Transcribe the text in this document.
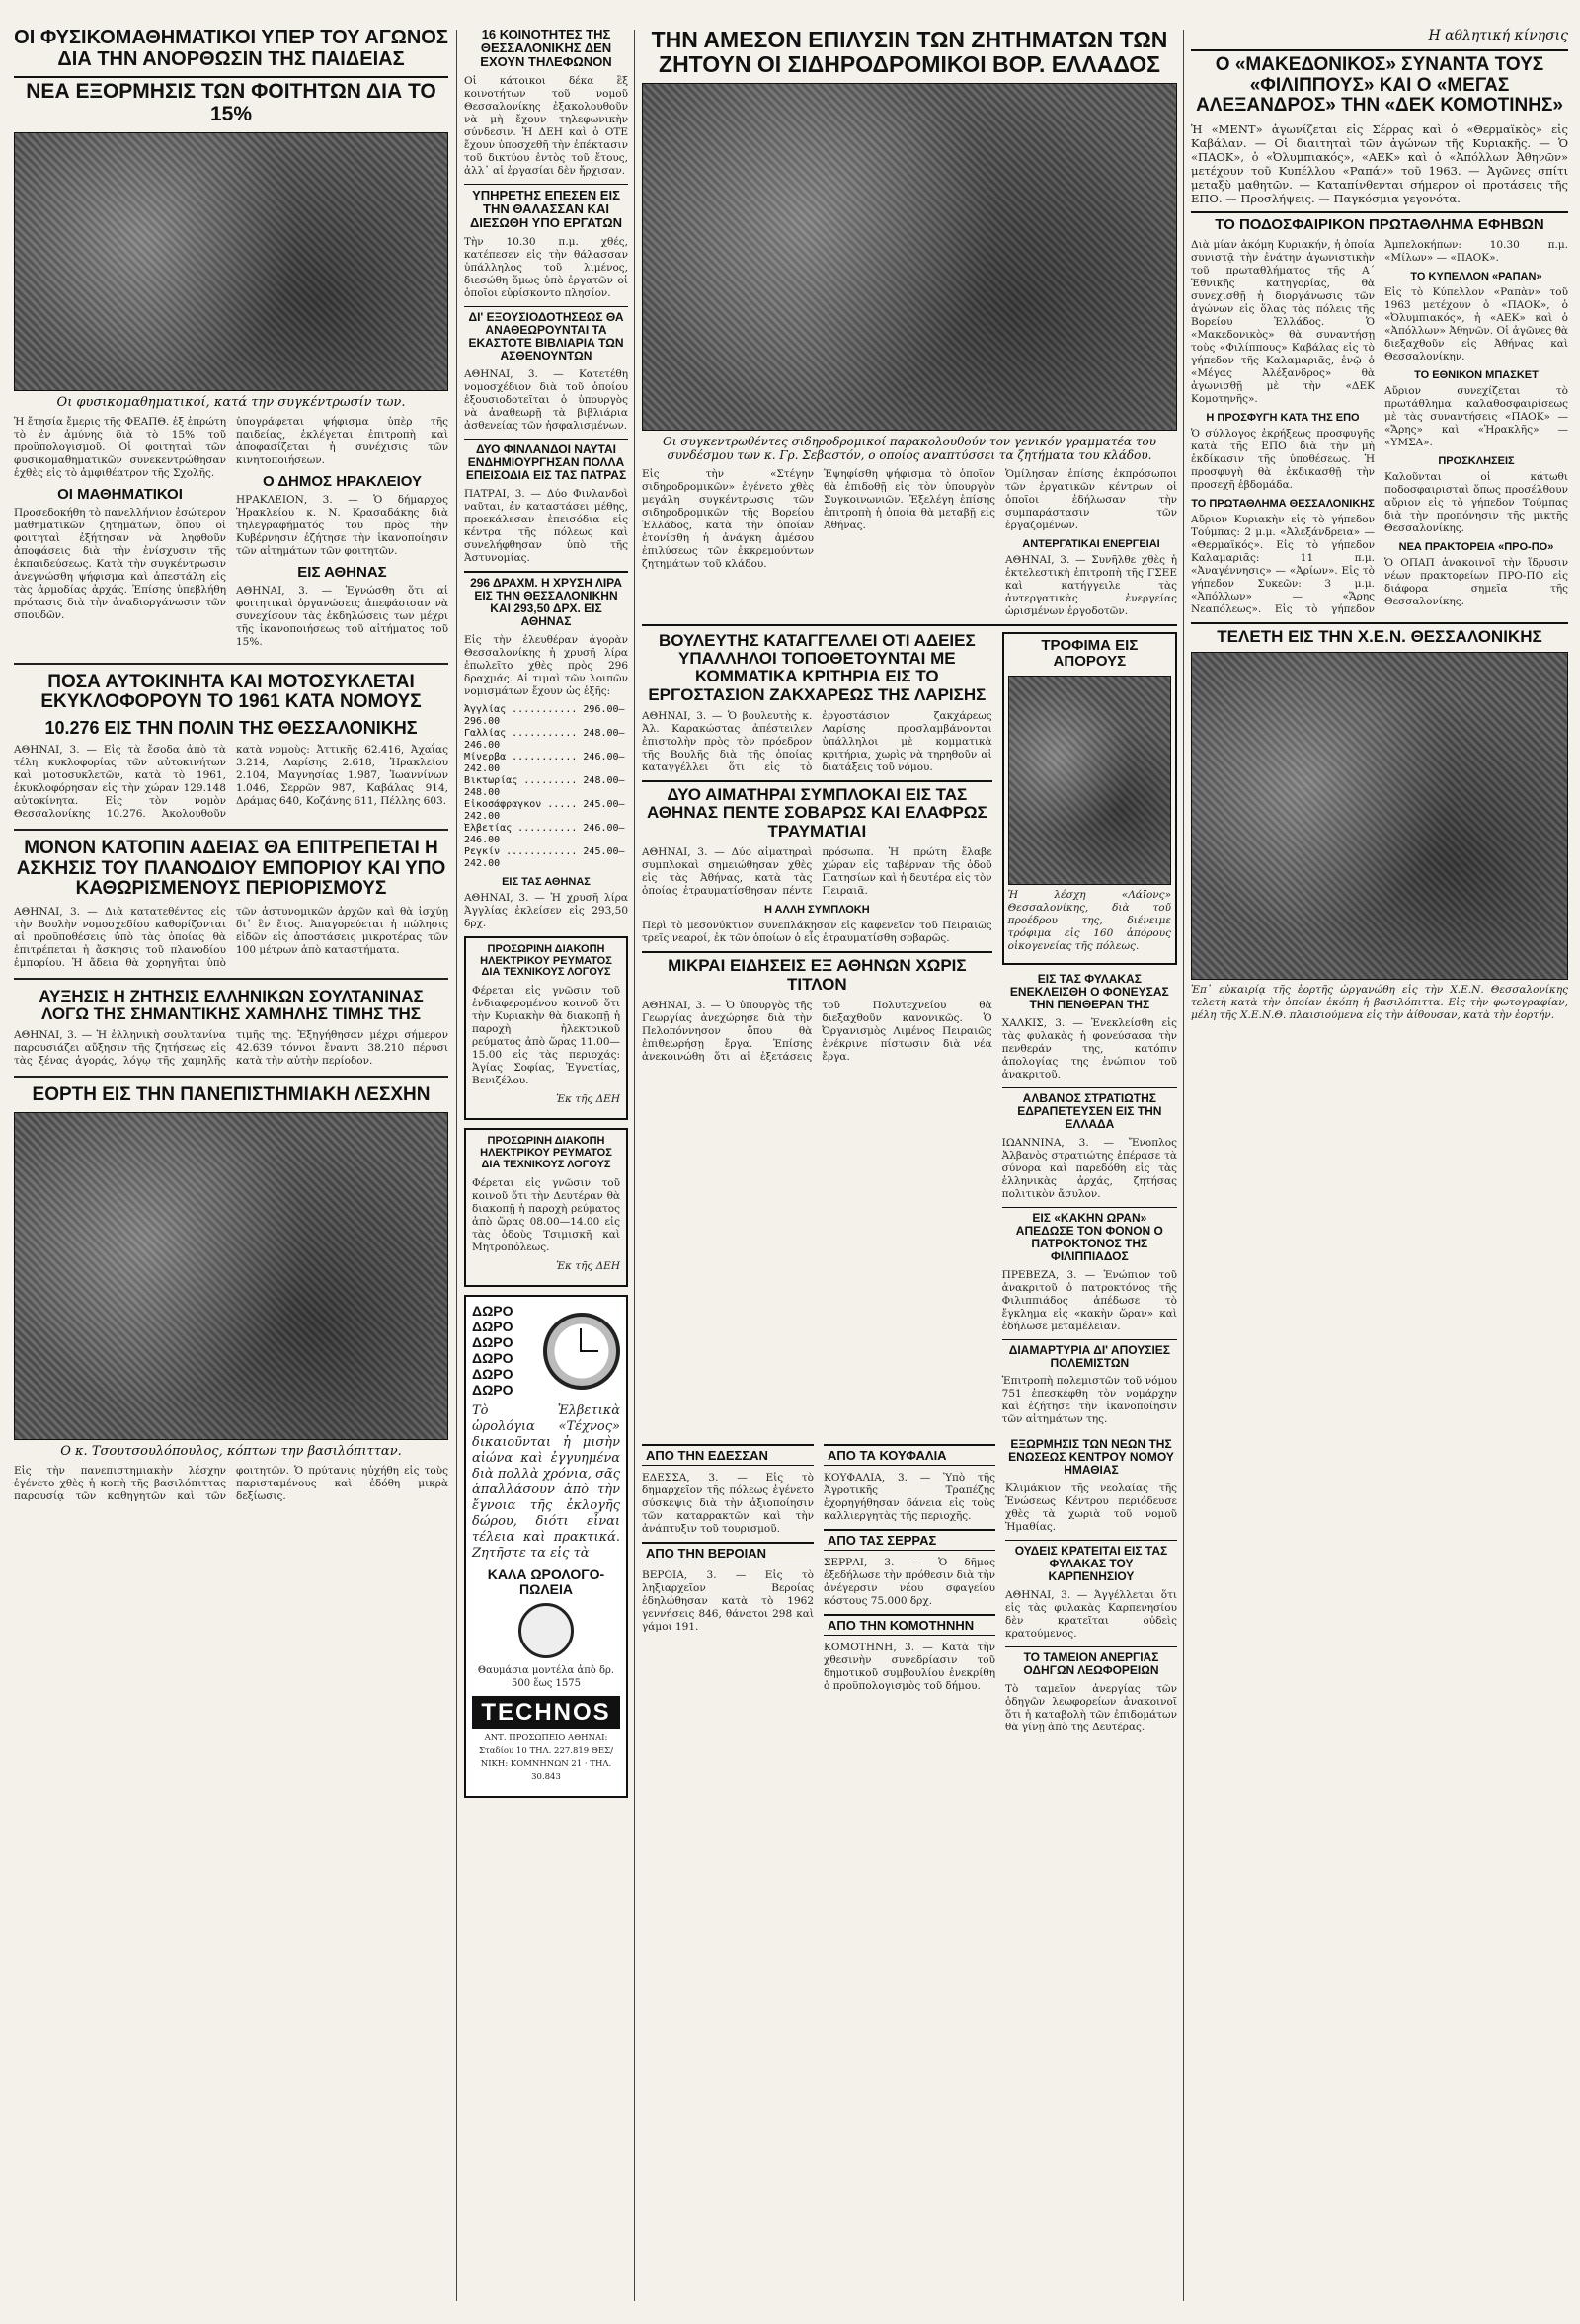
ΟΙ ΦΥΣΙΚΟΜΑΘΗΜΑΤΙΚΟΙ ΥΠΕΡ ΤΟΥ ΑΓΩΝΟΣ ΔΙΑ ΤΗΝ ΑΝΟΡΘΩΣΙΝ ΤΗΣ ΠΑΙΔΕΙΑΣ
ΝΕΑ ΕΞΟΡΜΗΣΙΣ ΤΩΝ ΦΟΙΤΗΤΩΝ ΔΙΑ ΤΟ 15%
Οι φυσικομαθηματικοί, κατά την συγκέντρωσίν των.

Ἡ ἔτησία ἔμερις τῆς ΦΕΑΠΘ. ἐξ ἐπρώτη τὸ ἐν ἀμύνης διὰ τὸ 15% τοῦ προϋπολογισμοῦ. Οἱ φοιτηταὶ τῶν φυσικομαθηματικῶν συνεκεντρώθησαν ἐχθὲς εἰς τὸ ἀμφιθέατρον τῆς Σχολῆς.

ΟΙ ΜΑΘΗΜΑΤΙΚΟΙ

Προσεδοκήθη τὸ πανελλήνιον ἐσώτερον μαθηματικῶν ζητημάτων, ὅπου οἱ φοιτηταὶ ἐξήτησαν νὰ ληφθοῦν ἀποφάσεις διὰ τὴν ἐνίσχυσιν τῆς ἐκπαιδεύσεως. Κατὰ τὴν συγκέντρωσιν ἀνεγνώσθη ψήφισμα καὶ ἀπεστάλη εἰς τὰς ἁρμοδίας ἀρχάς. Ἐπίσης ὑπεβλήθη πρότασις διὰ τὴν ἀναδιοργάνωσιν τῶν σπουδῶν.

ὑπογράφεται ψήφισμα ὑπὲρ τῆς παιδείας, ἐκλέγεται ἐπιτροπὴ καὶ ἀποφασίζεται ἡ συνέχισις τῶν κινητοποιήσεων.

Ο ΔΗΜΟΣ ΗΡΑΚΛΕΙΟΥ

ΗΡΑΚΛΕΙΟΝ, 3. — Ὁ δήμαρχος Ἡρακλείου κ. Ν. Κρασαδάκης διὰ τηλεγραφήματός του πρὸς τὴν Κυβέρνησιν ἐζήτησε τὴν ἱκανοποίησιν τῶν αἰτημάτων τῶν φοιτητῶν.

ΕΙΣ ΑΘΗΝΑΣ

ΑΘΗΝΑΙ, 3. — Ἐγνώσθη ὅτι αἱ φοιτητικαὶ ὀργανώσεις ἀπεφάσισαν νὰ συνεχίσουν τὰς ἐκδηλώσεις των μέχρι τῆς ἱκανοποιήσεως τοῦ αἰτήματος τοῦ 15%.

ΠΟΣΑ ΑΥΤΟΚΙΝΗΤΑ ΚΑΙ ΜΟΤΟΣΥΚΛΕΤΑΙ ΕΚΥΚΛΟΦΟΡΟΥΝ ΤΟ 1961 ΚΑΤΑ ΝΟΜΟΥΣ
10.276 ΕΙΣ ΤΗΝ ΠΟΛΙΝ ΤΗΣ ΘΕΣΣΑΛΟΝΙΚΗΣ

ΑΘΗΝΑΙ, 3. — Εἰς τὰ ἔσοδα ἀπὸ τὰ τέλη κυκλοφορίας τῶν αὐτοκινήτων καὶ μοτοσυκλετῶν, κατὰ τὸ 1961, ἐκυκλοφόρησαν εἰς τὴν χώραν 129.148 αὐτοκίνητα. Εἰς τὸν νομὸν Θεσσαλονίκης 10.276. Ἀκολουθοῦν κατὰ νομοὺς: Ἀττικῆς 62.416, Ἀχαΐας 3.214, Λαρίσης 2.618, Ἡρακλείου 2.104, Μαγνησίας 1.987, Ἰωαννίνων 1.046, Σερρῶν 987, Καβάλας 914, Δράμας 640, Κοζάνης 611, Πέλλης 603.

ΜΟΝΟΝ ΚΑΤΟΠΙΝ ΑΔΕΙΑΣ ΘΑ ΕΠΙΤΡΕΠΕΤΑΙ Η ΑΣΚΗΣΙΣ ΤΟΥ ΠΛΑΝΟΔΙΟΥ ΕΜΠΟΡΙΟΥ ΚΑΙ ΥΠΟ ΚΑΘΩΡΙΣΜΕΝΟΥΣ ΠΕΡΙΟΡΙΣΜΟΥΣ

ΑΘΗΝΑΙ, 3. — Διὰ κατατεθέντος εἰς τὴν Βουλὴν νομοσχεδίου καθορίζονται αἱ προϋποθέσεις ὑπὸ τὰς ὁποίας θὰ ἐπιτρέπεται ἡ ἄσκησις τοῦ πλανοδίου ἐμπορίου. Ἡ ἄδεια θὰ χορηγῆται ὑπὸ τῶν ἀστυνομικῶν ἀρχῶν καὶ θὰ ἰσχύῃ δι᾿ ἓν ἔτος. Ἀπαγορεύεται ἡ πώλησις εἰδῶν εἰς ἀποστάσεις μικροτέρας τῶν 100 μέτρων ἀπὸ καταστήματα.

ΑΥΞΗΣΙΣ Η ΖΗΤΗΣΙΣ ΕΛΛΗΝΙΚΩΝ ΣΟΥΛΤΑΝΙΝΑΣ ΛΟΓΩ ΤΗΣ ΣΗΜΑΝΤΙΚΗΣ ΧΑΜΗΛΗΣ ΤΙΜΗΣ ΤΗΣ

ΑΘΗΝΑΙ, 3. — Ἡ ἑλληνικὴ σουλτανίνα παρουσιάζει αὔξησιν τῆς ζητήσεως εἰς τὰς ξένας ἀγοράς, λόγῳ τῆς χαμηλῆς τιμῆς της. Ἐξηγήθησαν μέχρι σήμερον 42.639 τόννοι ἔναντι 38.210 πέρυσι κατὰ τὴν αὐτὴν περίοδον.

ΕΟΡΤΗ ΕΙΣ ΤΗΝ ΠΑΝΕΠΙΣΤΗΜΙΑΚΗ ΛΕΣΧΗΝ
Ο κ. Τσουτσουλόπουλος, κόπτων την βασιλόπιτταν.

Εἰς τὴν πανεπιστημιακὴν λέσχην ἐγένετο χθὲς ἡ κοπὴ τῆς βασιλόπιττας παρουσίᾳ τῶν καθηγητῶν καὶ τῶν φοιτητῶν. Ὁ πρύτανις ηὐχήθη εἰς τοὺς παρισταμένους καὶ ἐδόθη μικρὰ δεξίωσις.

16 ΚΟΙΝΟΤΗΤΕΣ ΤΗΣ ΘΕΣΣΑΛΟΝΙΚΗΣ ΔΕΝ ΕΧΟΥΝ ΤΗΛΕΦΩΝΟΝ

Οἱ κάτοικοι δέκα ἓξ κοινοτήτων τοῦ νομοῦ Θεσσαλονίκης ἐξακολουθοῦν νὰ μὴ ἔχουν τηλεφωνικὴν σύνδεσιν. Ἡ ΔΕΗ καὶ ὁ ΟΤΕ ἔχουν ὑποσχεθῆ τὴν ἐπέκτασιν τοῦ δικτύου ἐντὸς τοῦ ἔτους, ἀλλ᾿ αἱ ἐργασίαι δὲν ἤρχισαν.

ΥΠΗΡΕΤΗΣ ΕΠΕΣΕΝ ΕΙΣ ΤΗΝ ΘΑΛΑΣΣΑΝ ΚΑΙ ΔΙΕΣΩΘΗ ΥΠΟ ΕΡΓΑΤΩΝ

Τὴν 10.30 π.μ. χθές, κατέπεσεν εἰς τὴν θάλασσαν ὑπάλληλος τοῦ λιμένος, διεσώθη ὅμως ὑπὸ ἐργατῶν οἱ ὁποῖοι εὑρίσκοντο πλησίον.

ΔΙ' ΕΞΟΥΣΙΟΔΟΤΗΣΕΩΣ ΘΑ ΑΝΑΘΕΩΡΟΥΝΤΑΙ ΤΑ ΕΚΑΣΤΟΤΕ ΒΙΒΛΙΑΡΙΑ ΤΩΝ ΑΣΘΕΝΟΥΝΤΩΝ

ΑΘΗΝΑΙ, 3. — Κατετέθη νομοσχέδιον διὰ τοῦ ὁποίου ἐξουσιοδοτεῖται ὁ ὑπουργὸς νὰ ἀναθεωρῇ τὰ βιβλιάρια ἀσθενείας τῶν ἠσφαλισμένων.

ΔΥΟ ΦΙΝΛΑΝΔΟΙ ΝΑΥΤΑΙ ΕΝΔΗΜΙΟΥΡΓΗΣΑΝ ΠΟΛΛΑ ΕΠΕΙΣΟΔΙΑ ΕΙΣ ΤΑΣ ΠΑΤΡΑΣ

ΠΑΤΡΑΙ, 3. — Δύο Φινλανδοὶ ναῦται, ἐν καταστάσει μέθης, προεκάλεσαν ἐπεισόδια εἰς κέντρα τῆς πόλεως καὶ συνελήφθησαν ὑπὸ τῆς Ἀστυνομίας.

296 ΔΡΑΧΜ. Η ΧΡΥΣΗ ΛΙΡΑ ΕΙΣ ΤΗΝ ΘΕΣΣΑΛΟΝΙΚΗΝ ΚΑΙ 293,50 ΔΡΧ. ΕΙΣ ΑΘΗΝΑΣ

Εἰς τὴν ἐλευθέραν ἀγορὰν Θεσσαλονίκης ἡ χρυσῆ λίρα ἐπωλεῖτο χθὲς πρὸς 296 δραχμάς. Αἱ τιμαὶ τῶν λοιπῶν νομισμάτων ἔχουν ὡς ἑξῆς:

Ἀγγλίας ........... 296.00—296.00

Γαλλίας ........... 248.00—246.00

Μίνερβα ........... 246.00—242.00

Βικτωρίας ......... 248.00—248.00

Εἰκοσάφραγκον ..... 245.00—242.00

Ἑλβετίας .......... 246.00—246.00

Ρεγκίν ............ 245.00—242.00

ΕΙΣ ΤΑΣ ΑΘΗΝΑΣ

ΑΘΗΝΑΙ, 3. — Ἡ χρυσῆ λίρα Ἀγγλίας ἐκλείσεν εἰς 293,50 δρχ.

ΠΡΟΣΩΡΙΝΗ ΔΙΑΚΟΠΗ ΗΛΕΚΤΡΙΚΟΥ ΡΕΥΜΑΤΟΣ ΔΙΑ ΤΕΧΝΙΚΟΥΣ ΛΟΓΟΥΣ

Φέρεται εἰς γνῶσιν τοῦ ἐνδιαφερομένου κοινοῦ ὅτι τὴν Κυριακὴν θὰ διακοπῇ ἡ παροχὴ ἠλεκτρικοῦ ρεύματος ἀπὸ ὥρας 11.00—15.00 εἰς τὰς περιοχάς: Ἁγίας Σοφίας, Ἐγνατίας, Βενιζέλου.

Ἐκ τῆς ΔΕΗ

ΠΡΟΣΩΡΙΝΗ ΔΙΑΚΟΠΗ ΗΛΕΚΤΡΙΚΟΥ ΡΕΥΜΑΤΟΣ ΔΙΑ ΤΕΧΝΙΚΟΥΣ ΛΟΓΟΥΣ

Φέρεται εἰς γνῶσιν τοῦ κοινοῦ ὅτι τὴν Δευτέραν θὰ διακοπῇ ἡ παροχὴ ρεύματος ἀπὸ ὥρας 08.00—14.00 εἰς τὰς ὁδοὺς Τσιμισκῆ καὶ Μητροπόλεως.

Ἐκ τῆς ΔΕΗ

ΔΩΡΟ
ΔΩΡΟ
ΔΩΡΟ
ΔΩΡΟ
ΔΩΡΟ
ΔΩΡΟ

Τὸ Ἑλβετικὰ ὡρολόγια «Τέχνος» δικαιοῦνται ἡ μισὴν αἰώνα καὶ ἐγγυημένα διὰ πολλὰ χρόνια, σᾶς ἀπαλλάσουν ἀπὸ τὴν ἔγνοια τῆς ἐκλογῆς δώρου, διότι εἶναι τέλεια καὶ πρακτικά. Ζητῆστε τα εἰς τὰ

ΚΑΛΑ ΩΡΟΛΟΓΟ-ΠΩΛΕΙΑ

Θαυμάσια μοντέλα ἀπὸ δρ. 500 ἕως 1575

TECHNOS

ΑΝΤ. ΠΡΟΣΩΠΕΙΟ ΑΘΗΝΑΙ: Σταδίου 10 ΤΗΛ. 227.819 ΘΕΣ/ΝΙΚΗ: ΚΟΜΝΗΝΩΝ 21 · ΤΗΛ. 30.843

ΤΗΝ ΑΜΕΣΟΝ ΕΠΙΛΥΣΙΝ ΤΩΝ ΖΗΤΗΜΑΤΩΝ ΤΩΝ ΖΗΤΟΥΝ ΟΙ ΣΙΔΗΡΟΔΡΟΜΙΚΟΙ ΒΟΡ. ΕΛΛΑΔΟΣ
Οι συγκεντρωθέντες σιδηροδρομικοί παρακολουθούν τον γενικόν γραμματέα του συνδέσμου των κ. Γρ. Σεβαστόν, ο οποίος αναπτύσσει τα ζητήματα του κλάδου.

Εἰς τὴν «Στέγην σιδηροδρομικῶν» ἐγένετο χθὲς μεγάλη συγκέντρωσις τῶν σιδηροδρομικῶν τῆς Βορείου Ἑλλάδος, κατὰ τὴν ὁποίαν ἐτονίσθη ἡ ἀνάγκη ἀμέσου ἐπιλύσεως τῶν ἐκκρεμούντων ζητημάτων τοῦ κλάδου.

Ἐψηφίσθη ψήφισμα τὸ ὁποῖον θὰ ἐπιδοθῇ εἰς τὸν ὑπουργὸν Συγκοινωνιῶν. Ἐξελέγη ἐπίσης ἐπιτροπὴ ἡ ὁποία θὰ μεταβῇ εἰς Ἀθήνας.

Ὁμίλησαν ἐπίσης ἐκπρόσωποι τῶν ἐργατικῶν κέντρων οἱ ὁποῖοι ἐδήλωσαν τὴν συμπαράστασιν τῶν ἐργαζομένων.

ΑΝΤΕΡΓΑΤΙΚΑΙ ΕΝΕΡΓΕΙΑΙ

ΑΘΗΝΑΙ, 3. — Συνῆλθε χθὲς ἡ ἐκτελεστικὴ ἐπιτροπὴ τῆς ΓΣΕΕ καὶ κατήγγειλε τὰς ἀντεργατικὰς ἐνεργείας ὡρισμένων ἐργοδοτῶν.

ΒΟΥΛΕΥΤΗΣ ΚΑΤΑΓΓΕΛΛΕΙ ΟΤΙ ΑΔΕΙΕΣ ΥΠΑΛΛΗΛΟΙ ΤΟΠΟΘΕΤΟΥΝΤΑΙ ΜΕ ΚΟΜΜΑΤΙΚΑ ΚΡΙΤΗΡΙΑ ΕΙΣ ΤΟ ΕΡΓΟΣΤΑΣΙΟΝ ΖΑΚΧΑΡΕΩΣ ΤΗΣ ΛΑΡΙΣΗΣ

ΑΘΗΝΑΙ, 3. — Ὁ βουλευτὴς κ. Ἀλ. Καρακώστας ἀπέστειλεν ἐπιστολὴν πρὸς τὸν πρόεδρον τῆς Βουλῆς διὰ τῆς ὁποίας καταγγέλλει ὅτι εἰς τὸ ἐργοστάσιον ζακχάρεως Λαρίσης προσλαμβάνονται ὑπάλληλοι μὲ κομματικὰ κριτήρια, χωρὶς νὰ τηρηθοῦν αἱ διατάξεις τοῦ νόμου.

ΔΥΟ ΑΙΜΑΤΗΡΑΙ ΣΥΜΠΛΟΚΑΙ ΕΙΣ ΤΑΣ ΑΘΗΝΑΣ ΠΕΝΤΕ ΣΟΒΑΡΩΣ ΚΑΙ ΕΛΑΦΡΩΣ ΤΡΑΥΜΑΤΙΑΙ

ΑΘΗΝΑΙ, 3. — Δύο αἱματηραὶ συμπλοκαὶ σημειώθησαν χθὲς εἰς τὰς Ἀθήνας, κατὰ τὰς ὁποίας ἐτραυματίσθησαν πέντε πρόσωπα. Ἡ πρώτη ἔλαβε χώραν εἰς ταβέρναν τῆς ὁδοῦ Πατησίων καὶ ἡ δευτέρα εἰς τὸν Πειραιᾶ.

Η ΑΛΛΗ ΣΥΜΠΛΟΚΗ

Περὶ τὸ μεσονύκτιον συνεπλάκησαν εἰς καφενεῖον τοῦ Πειραιῶς τρεῖς νεαροί, ἐκ τῶν ὁποίων ὁ εἷς ἐτραυματίσθη σοβαρῶς.

ΜΙΚΡΑΙ ΕΙΔΗΣΕΙΣ ΕΞ ΑΘΗΝΩΝ ΧΩΡΙΣ ΤΙΤΛΟΝ

ΑΘΗΝΑΙ, 3. — Ὁ ὑπουργὸς τῆς Γεωργίας ἀνεχώρησε διὰ τὴν Πελοπόννησον ὅπου θὰ ἐπιθεωρήσῃ ἔργα. Ἐπίσης ἀνεκοινώθη ὅτι αἱ ἐξετάσεις τοῦ Πολυτεχνείου θὰ διεξαχθοῦν κανονικῶς. Ὁ Ὀργανισμὸς Λιμένος Πειραιῶς ἐνέκρινε πίστωσιν διὰ νέα ἔργα.

ΤΡΟΦΙΜΑ ΕΙΣ ΑΠΟΡΟΥΣ

Ἡ λέσχη «Λάϊονς» Θεσσαλονίκης, διὰ τοῦ προέδρου της, διένειμε τρόφιμα εἰς 160 ἀπόρους οἰκογενείας τῆς πόλεως.

ΕΙΣ ΤΑΣ ΦΥΛΑΚΑΣ ΕΝΕΚΛΕΙΣΘΗ Ο ΦΟΝΕΥΣΑΣ ΤΗΝ ΠΕΝΘΕΡΑΝ ΤΗΣ

ΧΑΛΚΙΣ, 3. — Ἐνεκλείσθη εἰς τὰς φυλακὰς ἡ φονεύσασα τὴν πενθεράν της, κατόπιν ἀπολογίας της ἐνώπιον τοῦ ἀνακριτοῦ.

ΑΛΒΑΝΟΣ ΣΤΡΑΤΙΩΤΗΣ ΕΔΡΑΠΕΤΕΥΣΕΝ ΕΙΣ ΤΗΝ ΕΛΛΑΔΑ

ΙΩΑΝΝΙΝΑ, 3. — Ἔνοπλος Ἀλβανὸς στρατιώτης ἐπέρασε τὰ σύνορα καὶ παρεδόθη εἰς τὰς ἑλληνικὰς ἀρχάς, ζητήσας πολιτικὸν ἄσυλον.

ΕΙΣ «ΚΑΚΗΝ ΩΡΑΝ» ΑΠΕΔΩΣΕ ΤΟΝ ΦΟΝΟΝ Ο ΠΑΤΡΟΚΤΟΝΟΣ ΤΗΣ ΦΙΛΙΠΠΙΑΔΟΣ

ΠΡΕΒΕΖΑ, 3. — Ἐνώπιον τοῦ ἀνακριτοῦ ὁ πατροκτόνος τῆς Φιλιππιάδος ἀπέδωσε τὸ ἔγκλημα εἰς «κακὴν ὥραν» καὶ ἐδήλωσε μεταμέλειαν.

ΔΙΑΜΑΡΤΥΡΙΑ ΔΙ' ΑΠΟΥΣΙΕΣ ΠΟΛΕΜΙΣΤΩΝ

Ἐπιτροπὴ πολεμιστῶν τοῦ νόμου 751 ἐπεσκέφθη τὸν νομάρχην καὶ ἐζήτησε τὴν ἱκανοποίησιν τῶν αἰτημάτων της.

ΑΠΟ ΤΗΝ ΕΔΕΣΣΑΝ

ΕΔΕΣΣΑ, 3. — Εἰς τὸ δημαρχεῖον τῆς πόλεως ἐγένετο σύσκεψις διὰ τὴν ἀξιοποίησιν τῶν καταρρακτῶν καὶ τὴν ἀνάπτυξιν τοῦ τουρισμοῦ.

ΑΠΟ ΤΗΝ ΒΕΡΟΙΑΝ

ΒΕΡΟΙΑ, 3. — Εἰς τὸ ληξιαρχεῖον Βεροίας ἐδηλώθησαν κατὰ τὸ 1962 γεννήσεις 846, θάνατοι 298 καὶ γάμοι 191.

ΑΠΟ ΤΑ ΚΟΥΦΑΛΙΑ

ΚΟΥΦΑΛΙΑ, 3. — Ὑπὸ τῆς Ἀγροτικῆς Τραπέζης ἐχορηγήθησαν δάνεια εἰς τοὺς καλλιεργητὰς τῆς περιοχῆς.

ΑΠΟ ΤΑΣ ΣΕΡΡΑΣ

ΣΕΡΡΑΙ, 3. — Ὁ δῆμος ἐξεδήλωσε τὴν πρόθεσιν διὰ τὴν ἀνέγερσιν νέου σφαγείου κόστους 75.000 δρχ.

ΑΠΟ ΤΗΝ ΚΟΜΟΤΗΝΗΝ

ΚΟΜΟΤΗΝΗ, 3. — Κατὰ τὴν χθεσινὴν συνεδρίασιν τοῦ δημοτικοῦ συμβουλίου ἐνεκρίθη ὁ προϋπολογισμὸς τοῦ δήμου.

ΕΞΩΡΜΗΣΙΣ ΤΩΝ ΝΕΩΝ ΤΗΣ ΕΝΩΣΕΩΣ ΚΕΝΤΡΟΥ ΝΟΜΟΥ ΗΜΑΘΙΑΣ

Κλιμάκιον τῆς νεολαίας τῆς Ἐνώσεως Κέντρου περιόδευσε χθὲς τὰ χωριὰ τοῦ νομοῦ Ἡμαθίας.

ΟΥΔΕΙΣ ΚΡΑΤΕΙΤΑΙ ΕΙΣ ΤΑΣ ΦΥΛΑΚΑΣ ΤΟΥ ΚΑΡΠΕΝΗΣΙΟΥ

ΑΘΗΝΑΙ, 3. — Ἀγγέλλεται ὅτι εἰς τὰς φυλακὰς Καρπενησίου δὲν κρατεῖται οὐδεὶς κρατούμενος.

ΤΟ ΤΑΜΕΙΟΝ ΑΝΕΡΓΙΑΣ ΟΔΗΓΩΝ ΛΕΩΦΟΡΕΙΩΝ

Τὸ ταμεῖον ἀνεργίας τῶν ὁδηγῶν λεωφορείων ἀνακοινοῖ ὅτι ἡ καταβολὴ τῶν ἐπιδομάτων θὰ γίνῃ ἀπὸ τῆς Δευτέρας.

Η αθλητική κίνησις

Ο «ΜΑΚΕΔΟΝΙΚΟΣ» ΣΥΝΑΝΤΑ ΤΟΥΣ «ΦΙΛΙΠΠΟΥΣ» ΚΑΙ Ο «ΜΕΓΑΣ ΑΛΕΞΑΝΔΡΟΣ» ΤΗΝ «ΔΕΚ ΚΟΜΟΤΙΝΗΣ»

Ἡ «ΜΕΝΤ» ἀγωνίζεται εἰς Σέρρας καὶ ὁ «Θερμαϊκὸς» εἰς Καβάλαν. — Οἱ διαιτηταὶ τῶν ἀγώνων τῆς Κυριακῆς. — Ὁ «ΠΑΟΚ», ὁ «Ὀλυμπιακός», «ΑΕΚ» καὶ ὁ «Ἀπόλλων Ἀθηνῶν» μετέχουν τοῦ Κυπέλλου «Ραπάν» τοῦ 1963. — Ἀγῶνες σπίτι μεταξὺ μαθητῶν. — Καταπίνθενται σήμερον οἱ προτάσεις τῆς ΕΠΟ. — Προσλήψεις. — Παγκόσμια γεγονότα.

ΤΟ ΠΟΔΟΣΦΑΙΡΙΚΟΝ ΠΡΩΤΑΘΛΗΜΑ ΕΦΗΒΩΝ

Διὰ μίαν ἀκόμη Κυριακήν, ἡ ὁποία συνιστᾷ τὴν ἐνάτην ἀγωνιστικὴν τοῦ πρωταθλήματος τῆς Α΄ Ἐθνικῆς κατηγορίας, θὰ συνεχισθῇ ἡ διοργάνωσις τῶν ἀγώνων εἰς ὅλας τὰς πόλεις τῆς Βορείου Ἑλλάδος. Ὁ «Μακεδονικὸς» θὰ συναντήσῃ τοὺς «Φιλίππους» Καβάλας εἰς τὸ γήπεδον τῆς Καλαμαριᾶς, ἐνῷ ὁ «Μέγας Ἀλέξανδρος» θὰ ἀγωνισθῇ μὲ τὴν «ΔΕΚ Κομοτηνῆς».

Η ΠΡΟΣΦΥΓΗ ΚΑΤΑ ΤΗΣ ΕΠΟ

Ὁ σύλλογος ἐκρήξεως προσφυγῆς κατὰ τῆς ΕΠΟ διὰ τὴν μὴ ἐκδίκασιν τῆς ὑποθέσεως. Ἡ προσφυγὴ θὰ ἐκδικασθῇ τὴν προσεχῆ ἑβδομάδα.

ΤΟ ΠΡΩΤΑΘΛΗΜΑ ΘΕΣΣΑΛΟΝΙΚΗΣ

Αὔριον Κυριακὴν εἰς τὸ γήπεδον Τούμπας: 2 μ.μ. «Ἀλεξάνδρεια» — «Θερμαϊκός». Εἰς τὸ γήπεδον Καλαμαριᾶς: 11 π.μ. «Ἀναγέννησις» — «Ἀρίων». Εἰς τὸ γήπεδον Συκεῶν: 3 μ.μ. «Ἀπόλλων» — «Ἄρης Νεαπόλεως». Εἰς τὸ γήπεδον Ἀμπελοκήπων: 10.30 π.μ. «Μίλων» — «ΠΑΟΚ».

ΤΟ ΚΥΠΕΛΛΟΝ «ΡΑΠΑΝ»

Εἰς τὸ Κύπελλον «Ραπὰν» τοῦ 1963 μετέχουν ὁ «ΠΑΟΚ», ὁ «Ὀλυμπιακός», ἡ «ΑΕΚ» καὶ ὁ «Ἀπόλλων» Ἀθηνῶν. Οἱ ἀγῶνες θὰ διεξαχθοῦν εἰς Ἀθήνας καὶ Θεσσαλονίκην.

ΤΟ ΕΘΝΙΚΟΝ ΜΠΑΣΚΕΤ

Αὔριον συνεχίζεται τὸ πρωτάθλημα καλαθοσφαιρίσεως μὲ τὰς συναντήσεις «ΠΑΟΚ» — «Ἄρης» καὶ «Ἡρακλῆς» — «ΥΜΣΑ».

ΠΡΟΣΚΛΗΣΕΙΣ

Καλοῦνται οἱ κάτωθι ποδοσφαιρισταὶ ὅπως προσέλθουν αὔριον εἰς τὸ γήπεδον Τούμπας διὰ τὴν προπόνησιν τῆς μικτῆς Θεσσαλονίκης.

ΝΕΑ ΠΡΑΚΤΟΡΕΙΑ «ΠΡΟ-ΠΟ»

Ὁ ΟΠΑΠ ἀνακοινοῖ τὴν ἵδρυσιν νέων πρακτορείων ΠΡΟ-ΠΟ εἰς διάφορα σημεῖα τῆς Θεσσαλονίκης.

ΤΕΛΕΤΗ ΕΙΣ ΤΗΝ Χ.Ε.Ν. ΘΕΣΣΑΛΟΝΙΚΗΣ

Ἐπ᾿ εὐκαιρίᾳ τῆς ἑορτῆς ὠργανώθη εἰς τὴν Χ.Ε.Ν. Θεσσαλονίκης τελετὴ κατὰ τὴν ὁποίαν ἐκόπη ἡ βασιλόπιττα. Εἰς τὴν φωτογραφίαν, μέλη τῆς Χ.Ε.Ν.Θ. πλαισιούμενα εἰς τὴν ἀίθουσαν, κατὰ τὴν ἑορτήν.
